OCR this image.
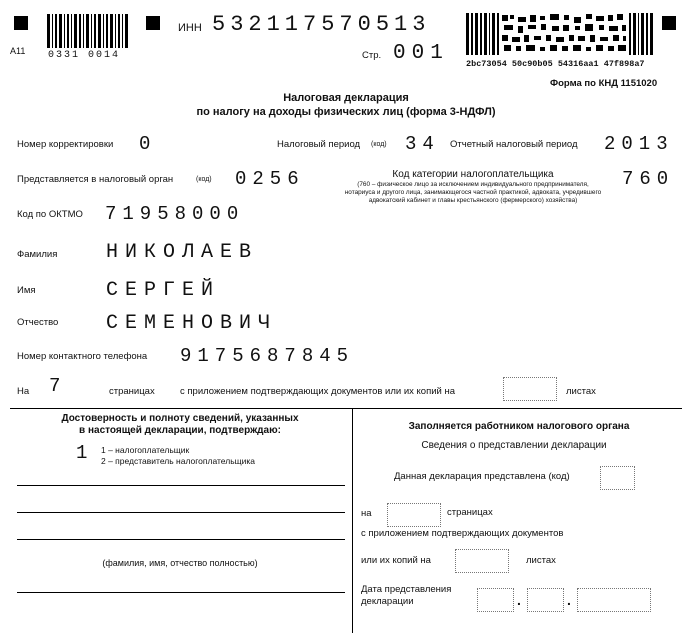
А11 0331 0014
ИНН 532117570513
Стр. 001 2bc73054 50c90b05 54316aa1 47f898a7
Форма по КНД 1151020
Налоговая декларация
по налогу на доходы физических лиц (форма 3-НДФЛ)
Номер корректировки 0	Налоговый период (код) 34 Отчетный налоговый период 2013
Представляется в налоговый орган	(код) 0256	Код категории налогоплательщика
(760 – физическое лицо за исключением индивидуального предпринимателя, нотариуса и другого лица, занимающегося частной практикой, адвоката, учредившего адвокатский кабинет и главы крестьянского (фермерского) хозяйства)
760
Код по ОКТМО 71958000
Фамилия НИКОЛАЕВ
Имя	СЕРГЕЙ
Отчество СЕМЕНОВИЧ
Номер контактного телефона 9175687845
На 7	страницах	с приложением подтверждающих документов или их копий на	листах
Достоверность и полноту сведений, указанных
в настоящей декларации, подтверждаю:
1 1 – налогоплательщик
2 – представитель налогоплательщика
(фамилия, имя, отчество полностью)
Заполняется работником налогового органа
Сведения о представлении декларации
Данная декларация представлена (код)
на	страницах
с приложением подтверждающих документов
или их копий на	листах
Дата представления
декларации	.	.
